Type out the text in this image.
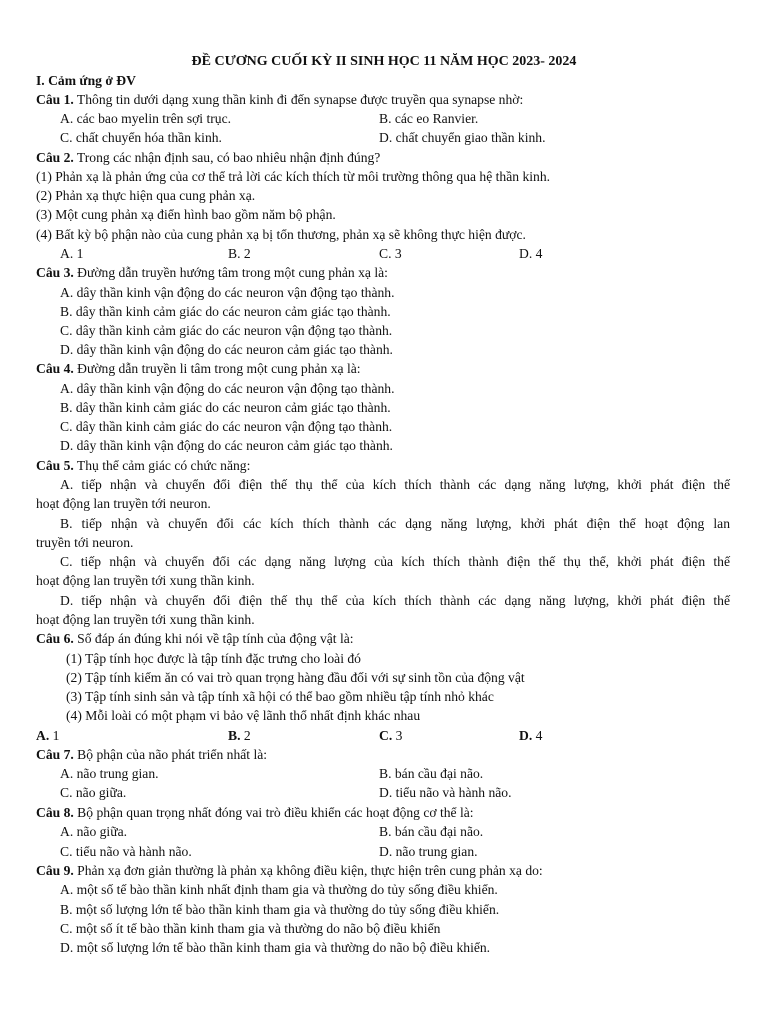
ĐỀ CƯƠNG CUỐI KỲ II SINH HỌC 11 NĂM HỌC 2023- 2024
I. Cảm ứng ở ĐV
Câu 1. Thông tin dưới dạng xung thần kinh đi đến synapse được truyền qua synapse nhờ:
A. các bao myelin trên sợi trục.	B. các eo Ranvier.
C. chất chuyển hóa thần kinh.	D. chất chuyển giao thần kinh.
Câu 2. Trong các nhận định sau, có bao nhiêu nhận định đúng?
(1) Phản xạ là phản ứng của cơ thể trả lời các kích thích từ môi trường thông qua hệ thần kinh.
(2) Phản xạ thực hiện qua cung phản xạ.
(3) Một cung phản xạ điển hình bao gồm năm bộ phận.
(4) Bất kỳ bộ phận nào của cung phản xạ bị tổn thương, phản xạ sẽ không thực hiện được.
A. 1	B. 2	C. 3	D. 4
Câu 3. Đường dẫn truyền hướng tâm trong một cung phản xạ là:
A. dây thần kinh vận động do các neuron vận động tạo thành.
B. dây thần kinh cảm giác do các neuron cảm giác tạo thành.
C. dây thần kinh cảm giác do các neuron vận động tạo thành.
D. dây thần kinh vận động do các neuron cảm giác tạo thành.
Câu 4. Đường dẫn truyền li tâm trong một cung phản xạ là:
A. dây thần kinh vận động do các neuron vận động tạo thành.
B. dây thần kinh cảm giác do các neuron cảm giác tạo thành.
C. dây thần kinh cảm giác do các neuron vận động tạo thành.
D. dây thần kinh vận động do các neuron cảm giác tạo thành.
Câu 5. Thụ thể cảm giác có chức năng:
A. tiếp nhận và chuyển đổi điện thế thụ thể của kích thích thành các dạng năng lượng, khởi phát điện thế
hoạt động lan truyền tới neuron.
B. tiếp nhận và chuyển đổi các kích thích thành các dạng năng lượng, khởi phát điện thế hoạt động lan
truyền tới neuron.
C. tiếp nhận và chuyển đổi các dạng năng lượng của kích thích thành điện thế thụ thể, khởi phát điện thế
hoạt động lan truyền tới xung thần kinh.
D. tiếp nhận và chuyển đổi điện thế thụ thể của kích thích thành các dạng năng lượng, khởi phát điện thế
hoạt động lan truyền tới xung thần kinh.
Câu 6. Số đáp án đúng khi nói về tập tính của động vật là:
(1) Tập tính học được là tập tính đặc trưng cho loài đó
(2) Tập tính kiếm ăn có vai trò quan trọng hàng đầu đối với sự sinh tồn của động vật
(3) Tập tính sinh sản và tập tính xã hội có thể bao gồm nhiều tập tính nhỏ khác
(4) Mỗi loài có một phạm vi bảo vệ lãnh thổ nhất định khác nhau
A. 1	B. 2	C. 3	D. 4
Câu 7. Bộ phận của não phát triển nhất là:
A. não trung gian.	B. bán cầu đại não.
C. não giữa.	D. tiểu não và hành não.
Câu 8. Bộ phận quan trọng nhất đóng vai trò điều khiển các hoạt động cơ thể là:
A. não giữa.	B. bán cầu đại não.
C. tiểu não và hành não.	D. não trung gian.
Câu 9. Phản xạ đơn giản thường là phản xạ không điều kiện, thực hiện trên cung phản xạ do:
A. một số tế bào thần kinh nhất định tham gia và thường do tủy sống điều khiển.
B. một số lượng lớn tế bào thần kinh tham gia và thường do tủy sống điều khiển.
C. một số ít tế bào thần kinh tham gia và thường do não bộ điều khiển
D. một số lượng lớn tế bào thần kinh tham gia và thường do não bộ điều khiển.
